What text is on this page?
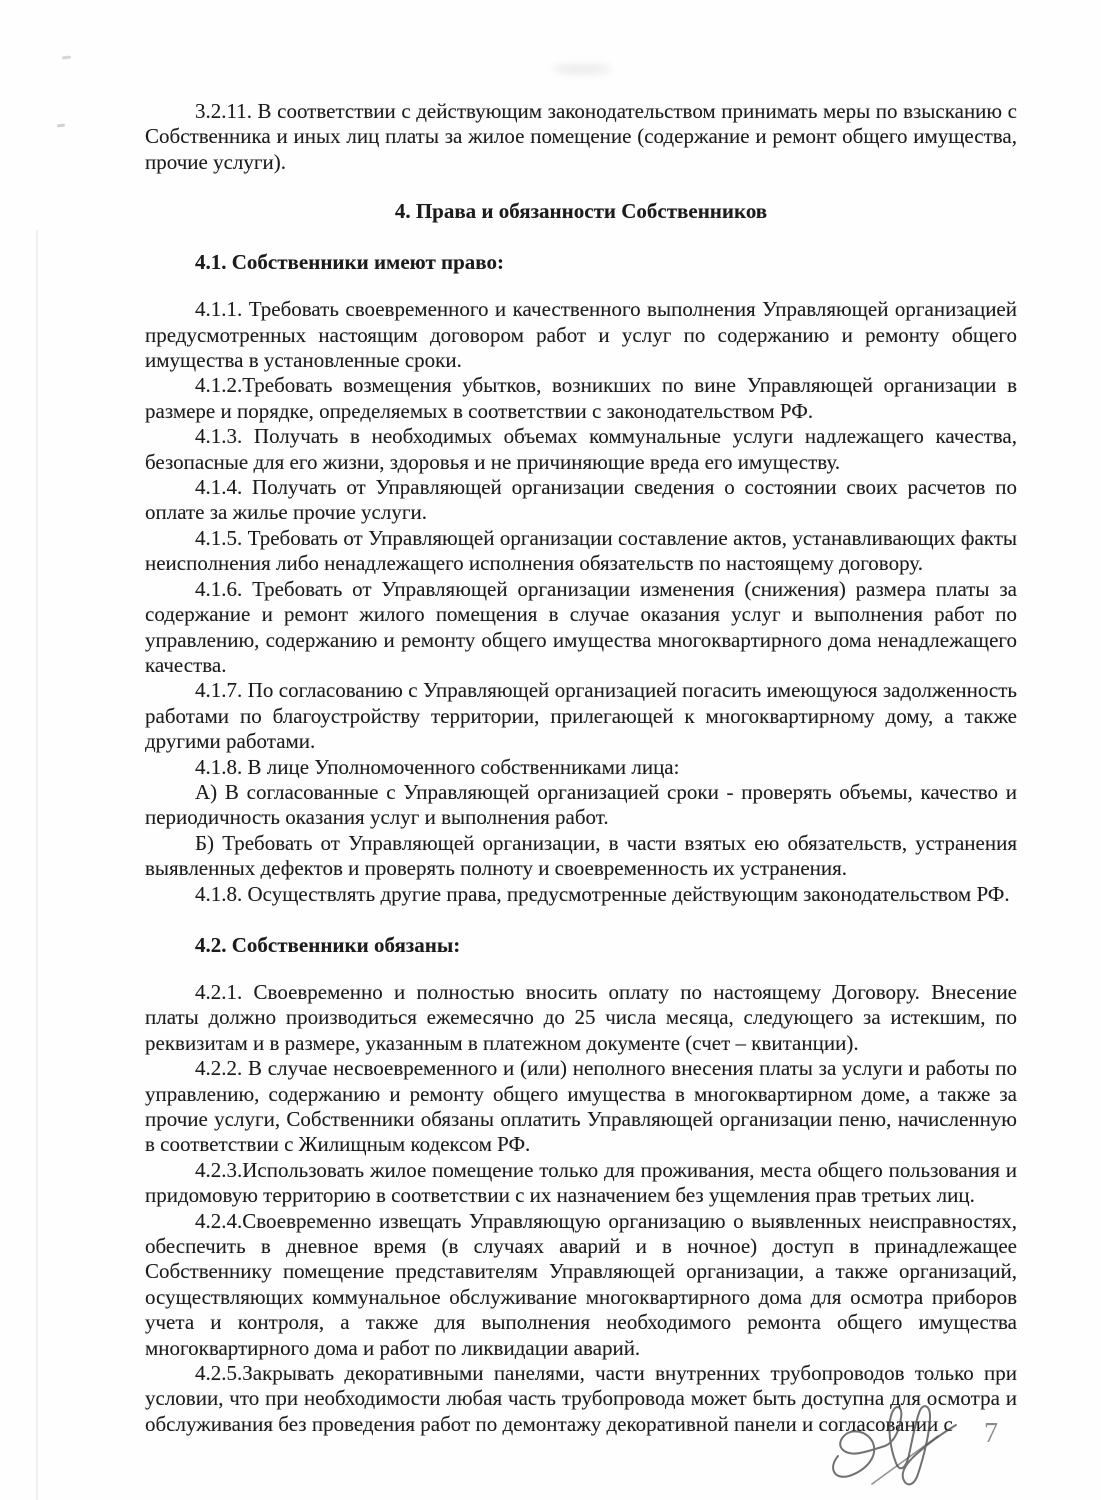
3.2.11. В соответствии с действующим законодательством принимать меры по взысканию с Собственника и иных лиц платы за жилое помещение (содержание и ремонт общего имущества, прочие услуги).

4. Права и обязанности Собственников
4.1. Собственники имеют право:

4.1.1. Требовать своевременного и качественного выполнения Управляющей организацией предусмотренных настоящим договором работ и услуг по содержанию и ремонту общего имущества в установленные сроки.

4.1.2.Требовать возмещения убытков, возникших по вине Управляющей организации в размере и порядке, определяемых в соответствии с законодательством РФ.

4.1.3. Получать в необходимых объемах коммунальные услуги надлежащего качества, безопасные для его жизни, здоровья и не причиняющие вреда его имуществу.

4.1.4. Получать от Управляющей организации сведения о состоянии своих расчетов по оплате за жилье прочие услуги.

4.1.5. Требовать от Управляющей организации составление актов, устанавливающих факты неисполнения либо ненадлежащего исполнения обязательств по настоящему договору.

4.1.6. Требовать от Управляющей организации изменения (снижения) размера платы за содержание и ремонт жилого помещения в случае оказания услуг и выполнения работ по управлению, содержанию и ремонту общего имущества многоквартирного дома ненадлежащего качества.

4.1.7. По согласованию с Управляющей организацией погасить имеющуюся задолженность работами по благоустройству территории, прилегающей к многоквартирному дому, а также другими работами.

4.1.8. В лице Уполномоченного собственниками лица:

А) В согласованные с Управляющей организацией сроки - проверять объемы, качество и периодичность оказания услуг и выполнения работ.

Б) Требовать от Управляющей организации, в части взятых ею обязательств, устранения выявленных дефектов и проверять полноту и своевременность их устранения.

4.1.8. Осуществлять другие права, предусмотренные действующим законодательством РФ.

4.2. Собственники обязаны:

4.2.1. Своевременно и полностью вносить оплату по настоящему Договору. Внесение платы должно производиться ежемесячно до 25 числа месяца, следующего за истекшим, по реквизитам и в размере, указанным в платежном документе (счет – квитанции).

4.2.2. В случае несвоевременного и (или) неполного внесения платы за услуги и работы по управлению, содержанию и ремонту общего имущества в многоквартирном доме, а также за прочие услуги, Собственники обязаны оплатить Управляющей организации пеню, начисленную в соответствии с Жилищным кодексом РФ.

4.2.3.Использовать жилое помещение только для проживания, места общего пользования и придомовую территорию в соответствии с их назначением без ущемления прав третьих лиц.

4.2.4.Своевременно извещать Управляющую организацию о выявленных неисправностях, обеспечить в дневное время (в случаях аварий и в ночное) доступ в принадлежащее Собственнику помещение представителям Управляющей организации, а также организаций, осуществляющих коммунальное обслуживание многоквартирного дома для осмотра приборов учета и контроля, а также для выполнения необходимого ремонта общего имущества многоквартирного дома и работ по ликвидации аварий.

4.2.5.Закрывать декоративными панелями, части внутренних трубопроводов только при условии, что при необходимости любая часть трубопровода может быть доступна для осмотра и обслуживания без проведения работ по демонтажу декоративной панели и согласовании с	7
